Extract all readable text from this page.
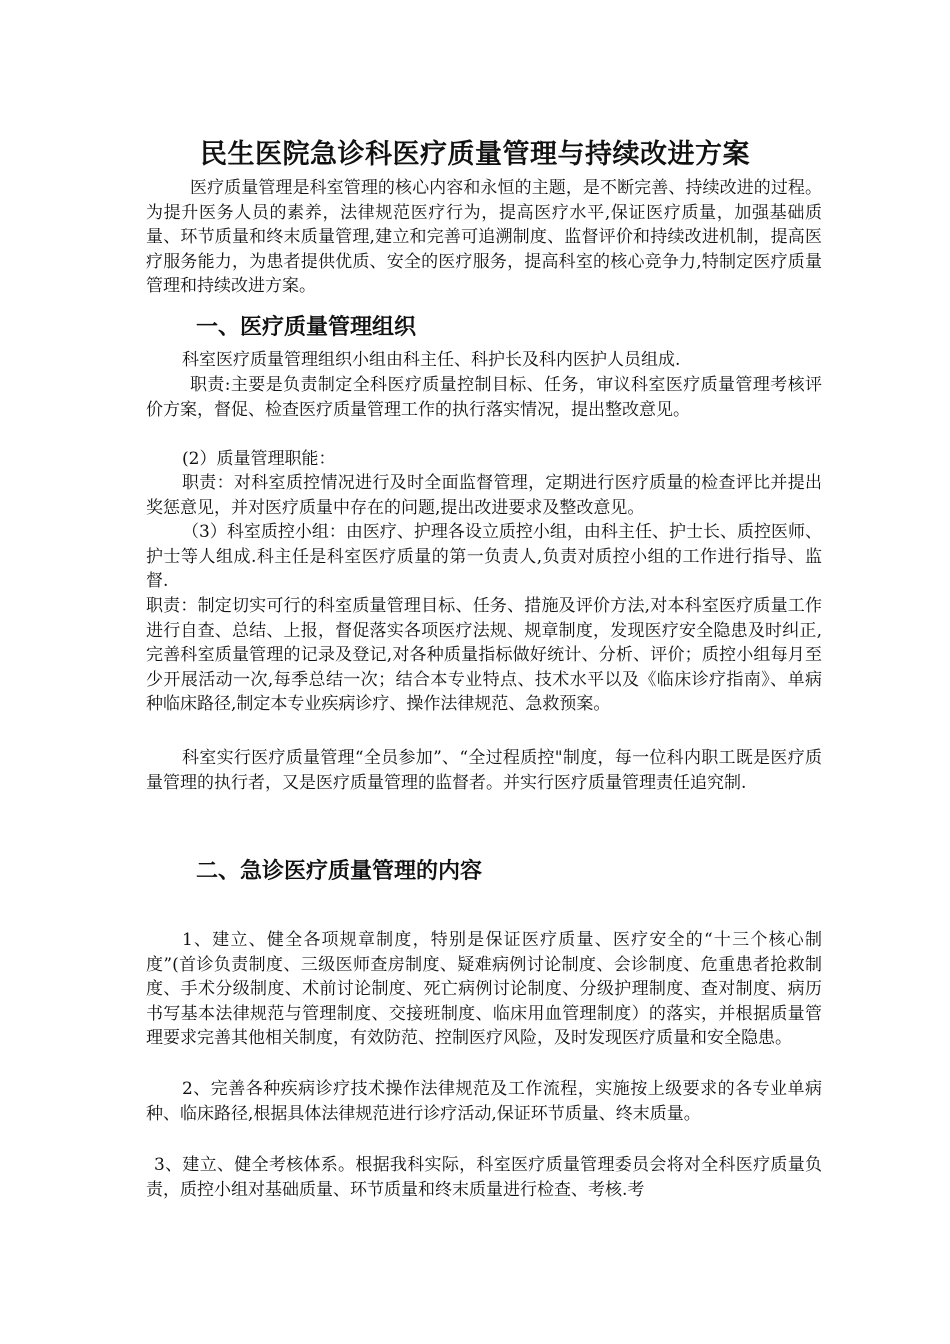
民生医院急诊科医疗质量管理与持续改进方案
医疗质量管理是科室管理的核心内容和永恒的主题，是不断完善、持续改进的过程。为提升医务人员的素养，法律规范医疗行为，提高医疗水平,保证医疗质量，加强基础质量、环节质量和终末质量管理,建立和完善可追溯制度、监督评价和持续改进机制，提高医疗服务能力，为患者提供优质、安全的医疗服务，提高科室的核心竞争力,特制定医疗质量管理和持续改进方案。
一、医疗质量管理组织
科室医疗质量管理组织小组由科主任、科护长及科内医护人员组成.
职责:主要是负责制定全科医疗质量控制目标、任务，审议科室医疗质量管理考核评价方案，督促、检查医疗质量管理工作的执行落实情况，提出整改意见。
(2）质量管理职能：
职责：对科室质控情况进行及时全面监督管理，定期进行医疗质量的检查评比并提出奖惩意见，并对医疗质量中存在的问题,提出改进要求及整改意见。
（3）科室质控小组：由医疗、护理各设立质控小组，由科主任、护士长、质控医师、护士等人组成.科主任是科室医疗质量的第一负责人,负责对质控小组的工作进行指导、监督.
职责：制定切实可行的科室质量管理目标、任务、措施及评价方法,对本科室医疗质量工作进行自查、总结、上报，督促落实各项医疗法规、规章制度，发现医疗安全隐患及时纠正,完善科室质量管理的记录及登记,对各种质量指标做好统计、分析、评价；质控小组每月至少开展活动一次,每季总结一次；结合本专业特点、技术水平以及《临床诊疗指南》、单病种临床路径,制定本专业疾病诊疗、操作法律规范、急救预案。
科室实行医疗质量管理“全员参加”、“全过程质控"制度，每一位科内职工既是医疗质量管理的执行者，又是医疗质量管理的监督者。并实行医疗质量管理责任追究制.
二、急诊医疗质量管理的内容
1、建立、健全各项规章制度，特别是保证医疗质量、医疗安全的“十三个核心制度”(首诊负责制度、三级医师查房制度、疑难病例讨论制度、会诊制度、危重患者抢救制度、手术分级制度、术前讨论制度、死亡病例讨论制度、分级护理制度、查对制度、病历书写基本法律规范与管理制度、交接班制度、临床用血管理制度）的落实，并根据质量管理要求完善其他相关制度，有效防范、控制医疗风险，及时发现医疗质量和安全隐患。
2、完善各种疾病诊疗技术操作法律规范及工作流程，实施按上级要求的各专业单病种、临床路径,根据具体法律规范进行诊疗活动,保证环节质量、终末质量。
3、建立、健全考核体系。根据我科实际，科室医疗质量管理委员会将对全科医疗质量负责，质控小组对基础质量、环节质量和终末质量进行检查、考核.考
